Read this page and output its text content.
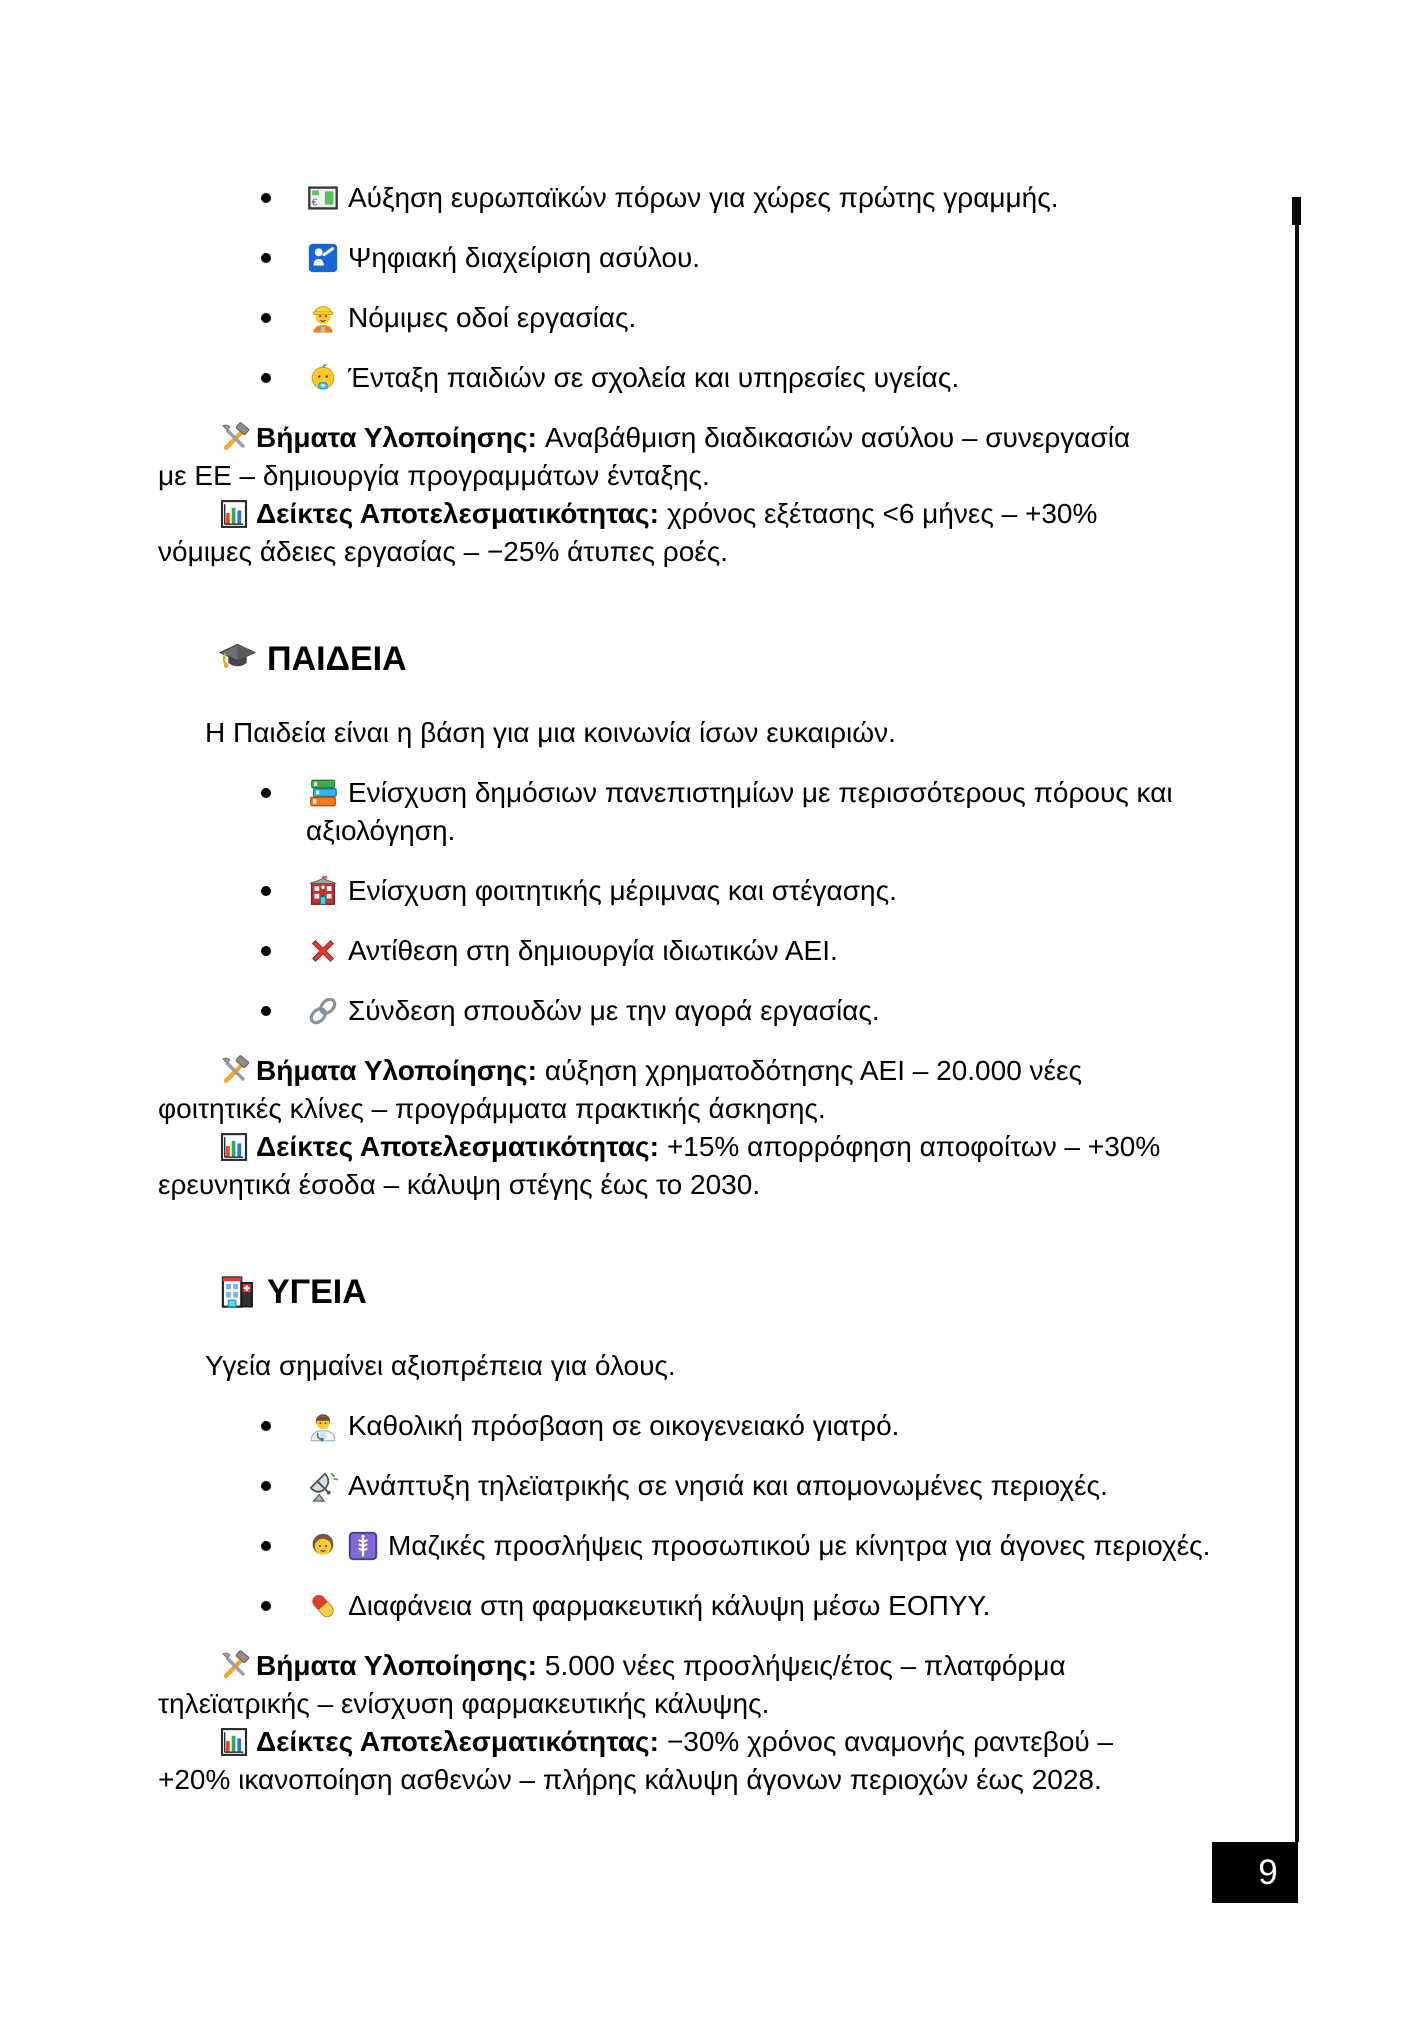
Αύξηση ευρωπαϊκών πόρων για χώρες πρώτης γραμμής.
Ψηφιακή διαχείριση ασύλου.
Νόμιμες οδοί εργασίας.
Ένταξη παιδιών σε σχολεία και υπηρεσίες υγείας.

Βήματα Υλοποίησης: Αναβάθμιση διαδικασιών ασύλου – συνεργασία με ΕΕ – δημιουργία προγραμμάτων ένταξης.

Δείκτες Αποτελεσματικότητας: χρόνος εξέτασης <6 μήνες – +30% νόμιμες άδειες εργασίας – −25% άτυπες ροές.

ΠΑΙΔΕΙΑ

Η Παιδεία είναι η βάση για μια κοινωνία ίσων ευκαιριών.

Ενίσχυση δημόσιων πανεπιστημίων με περισσότερους πόρους και αξιολόγηση.
Ενίσχυση φοιτητικής μέριμνας και στέγασης.
Αντίθεση στη δημιουργία ιδιωτικών ΑΕΙ.
Σύνδεση σπουδών με την αγορά εργασίας.

Βήματα Υλοποίησης: αύξηση χρηματοδότησης ΑΕΙ – 20.000 νέες φοιτητικές κλίνες – προγράμματα πρακτικής άσκησης.

Δείκτες Αποτελεσματικότητας: +15% απορρόφηση αποφοίτων – +30% ερευνητικά έσοδα – κάλυψη στέγης έως το 2030.

ΥΓΕΙΑ

Υγεία σημαίνει αξιοπρέπεια για όλους.

Καθολική πρόσβαση σε οικογενειακό γιατρό.
Ανάπτυξη τηλεϊατρικής σε νησιά και απομονωμένες περιοχές.
Μαζικές προσλήψεις προσωπικού με κίνητρα για άγονες περιοχές.
Διαφάνεια στη φαρμακευτική κάλυψη μέσω ΕΟΠΥΥ.

Βήματα Υλοποίησης: 5.000 νέες προσλήψεις/έτος – πλατφόρμα τηλεϊατρικής – ενίσχυση φαρμακευτικής κάλυψης.

Δείκτες Αποτελεσματικότητας: −30% χρόνος αναμονής ραντεβού – +20% ικανοποίηση ασθενών – πλήρης κάλυψη άγονων περιοχών έως 2028.

9
